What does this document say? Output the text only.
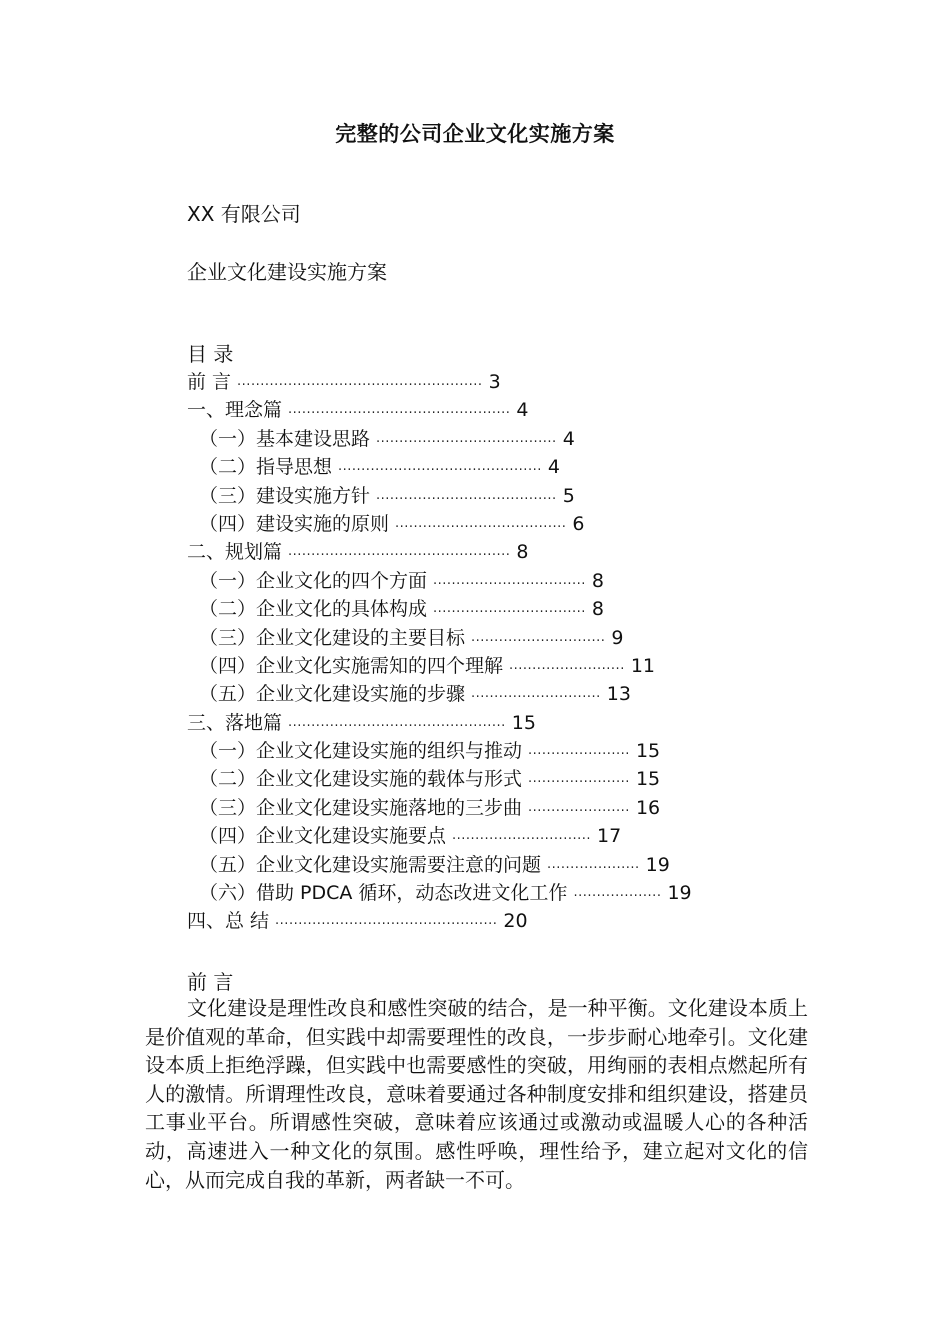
完整的公司企业文化实施方案
XX 有限公司
企业文化建设实施方案
目 录
前 言 ..................................................... 3
一、理念篇 ................................................ 4
（一）基本建设思路 ....................................... 4
（二）指导思想 ............................................ 4
（三）建设实施方针 ....................................... 5
（四）建设实施的原则 ..................................... 6
二、规划篇 ................................................ 8
（一）企业文化的四个方面 ................................. 8
（二）企业文化的具体构成 ................................. 8
（三）企业文化建设的主要目标 ............................. 9
（四）企业文化实施需知的四个理解 ......................... 11
（五）企业文化建设实施的步骤 ............................ 13
三、落地篇 ............................................... 15
（一）企业文化建设实施的组织与推动 ...................... 15
（二）企业文化建设实施的载体与形式 ...................... 15
（三）企业文化建设实施落地的三步曲 ...................... 16
（四）企业文化建设实施要点 .............................. 17
（五）企业文化建设实施需要注意的问题 .................... 19
（六）借助 PDCA 循环，动态改进文化工作 ................... 19
四、总 结 ................................................ 20
前 言
文化建设是理性改良和感性突破的结合，是一种平衡。文化建设本质上是价值观的革命，但实践中却需要理性的改良，一步步耐心地牵引。文化建设本质上拒绝浮躁，但实践中也需要感性的突破，用绚丽的表相点燃起所有人的激情。所谓理性改良，意味着要通过各种制度安排和组织建设，搭建员工事业平台。所谓感性突破，意味着应该通过或激动或温暖人心的各种活动，高速进入一种文化的氛围。感性呼唤，理性给予，建立起对文化的信心，从而完成自我的革新，两者缺一不可。
